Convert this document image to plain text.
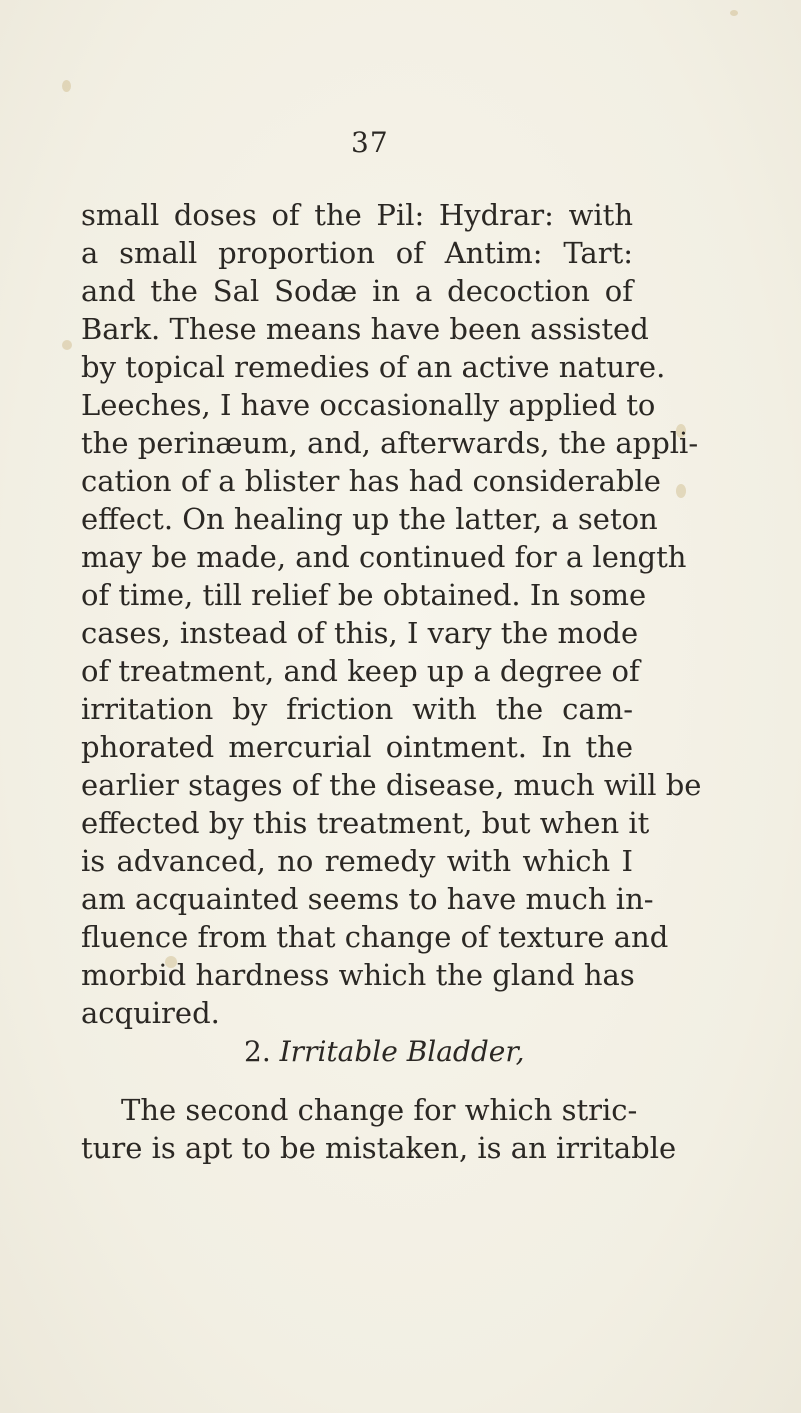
37
small doses of the Pil: Hydrar: with
a small proportion of Antim: Tart:
and the Sal Sodæ in a decoction of
Bark. These means have been assisted
by topical remedies of an active nature.
Leeches, I have occasionally applied to
the perinæum, and, afterwards, the appli-
cation of a blister has had considerable
effect. On healing up the latter, a seton
may be made, and continued for a length
of time, till relief be obtained. In some
cases, instead of this, I vary the mode
of treatment, and keep up a degree of
irritation by friction with the cam-
phorated mercurial ointment. In the
earlier stages of the disease, much will be
effected by this treatment, but when it
is advanced, no remedy with which I
am acquainted seems to have much in-
fluence from that change of texture and
morbid hardness which the gland has
acquired.
2. Irritable Bladder,
The second change for which stric-
ture is apt to be mistaken, is an irritable
